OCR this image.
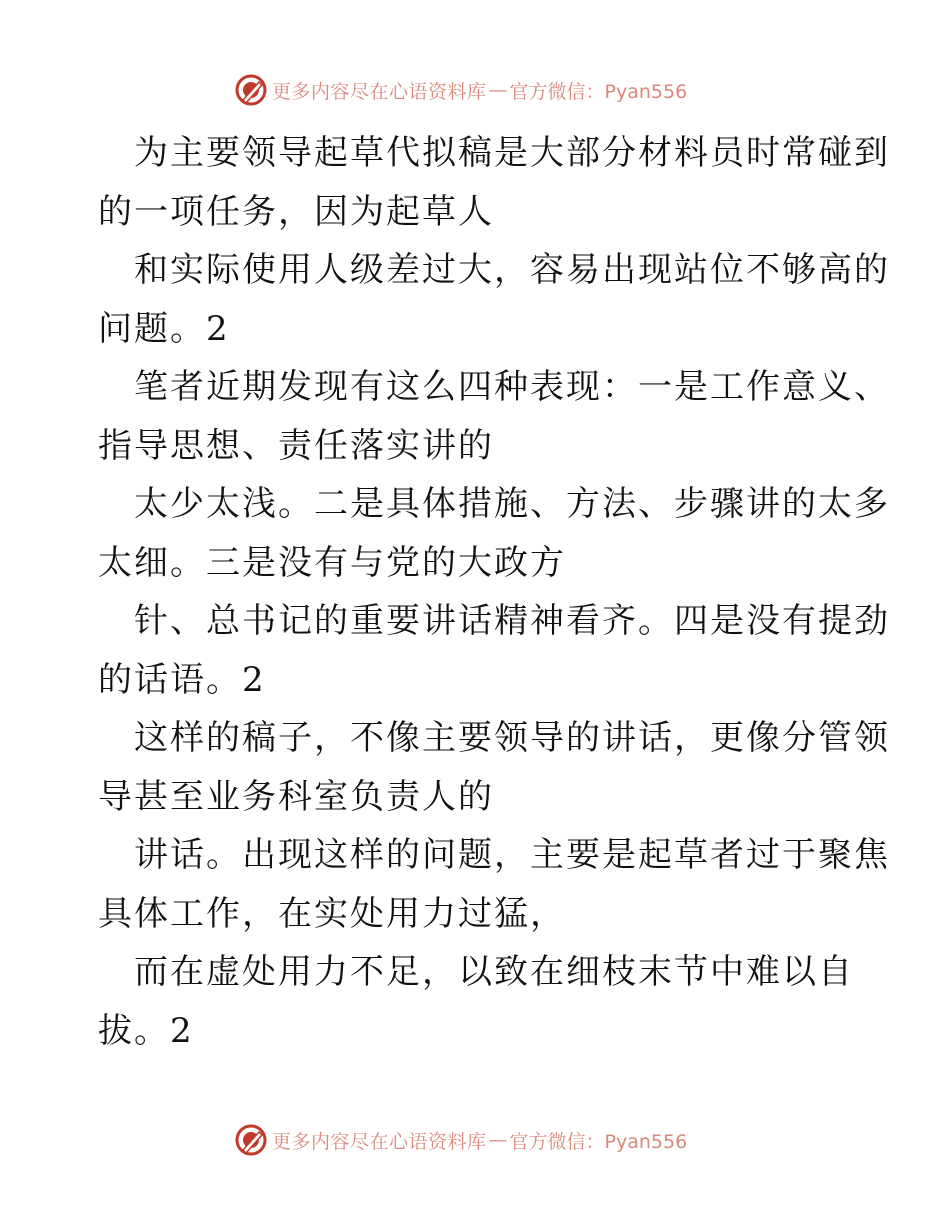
更多内容尽在心语资料库 — 官方微信：Pyan556

为主要领导起草代拟稿是大部分材料员时常碰到
的一项任务，因为起草人

和实际使用人级差过大，容易出现站位不够高的
问题。2

笔者近期发现有这么四种表现：一是工作意义、
指导思想、责任落实讲的

太少太浅。二是具体措施、方法、步骤讲的太多
太细。三是没有与党的大政方

针、总书记的重要讲话精神看齐。四是没有提劲
的话语。2

这样的稿子，不像主要领导的讲话，更像分管领
导甚至业务科室负责人的

讲话。出现这样的问题，主要是起草者过于聚焦
具体工作，在实处用力过猛，

而在虚处用力不足，以致在细枝末节中难以自
拔。2

更多内容尽在心语资料库 — 官方微信：Pyan556
